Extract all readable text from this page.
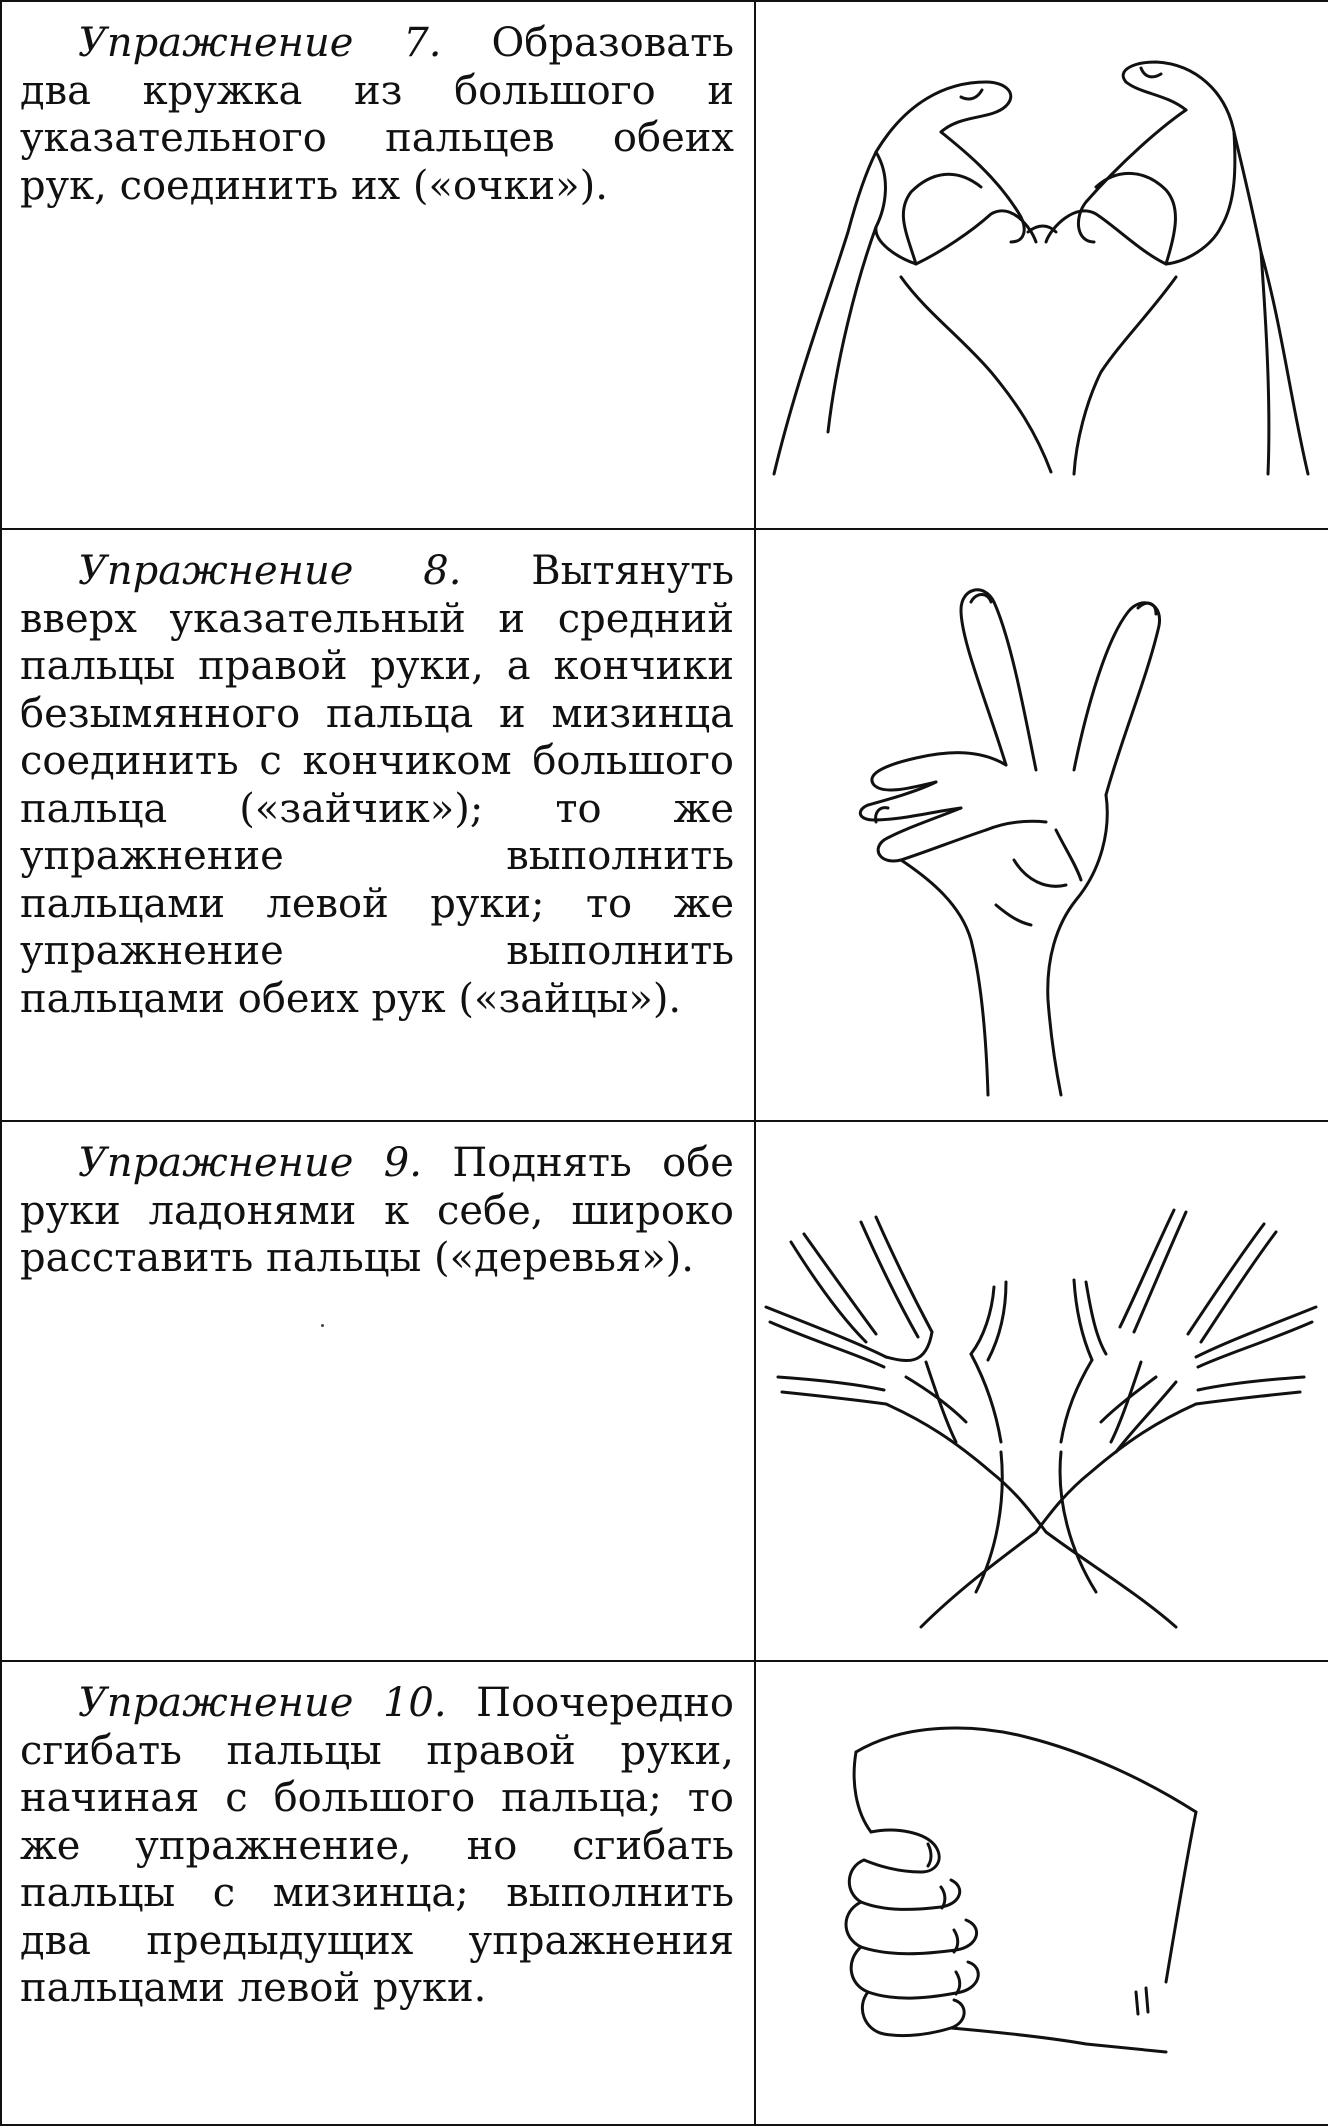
Упражнение 7. Образовать два кружка из большого и указательного пальцев обеих рук, соединить их («очки»).

Упражнение 8. Вытянуть вверх указательный и средний пальцы правой руки, а кончики безымянного пальца и мизинца соединить с кончиком большого пальца («зайчик»); то же упражнение выполнить пальцами левой руки; то же упражнение выполнить пальцами обеих рук («зайцы»).

Упражнение 9. Поднять обе руки ладонями к себе, широко расставить пальцы («деревья»).

Упражнение 10. Поочередно сгибать пальцы правой руки, начиная с большого пальца; то же упражнение, но сгибать пальцы с мизинца; выполнить два предыдущих упражнения пальцами левой руки.
